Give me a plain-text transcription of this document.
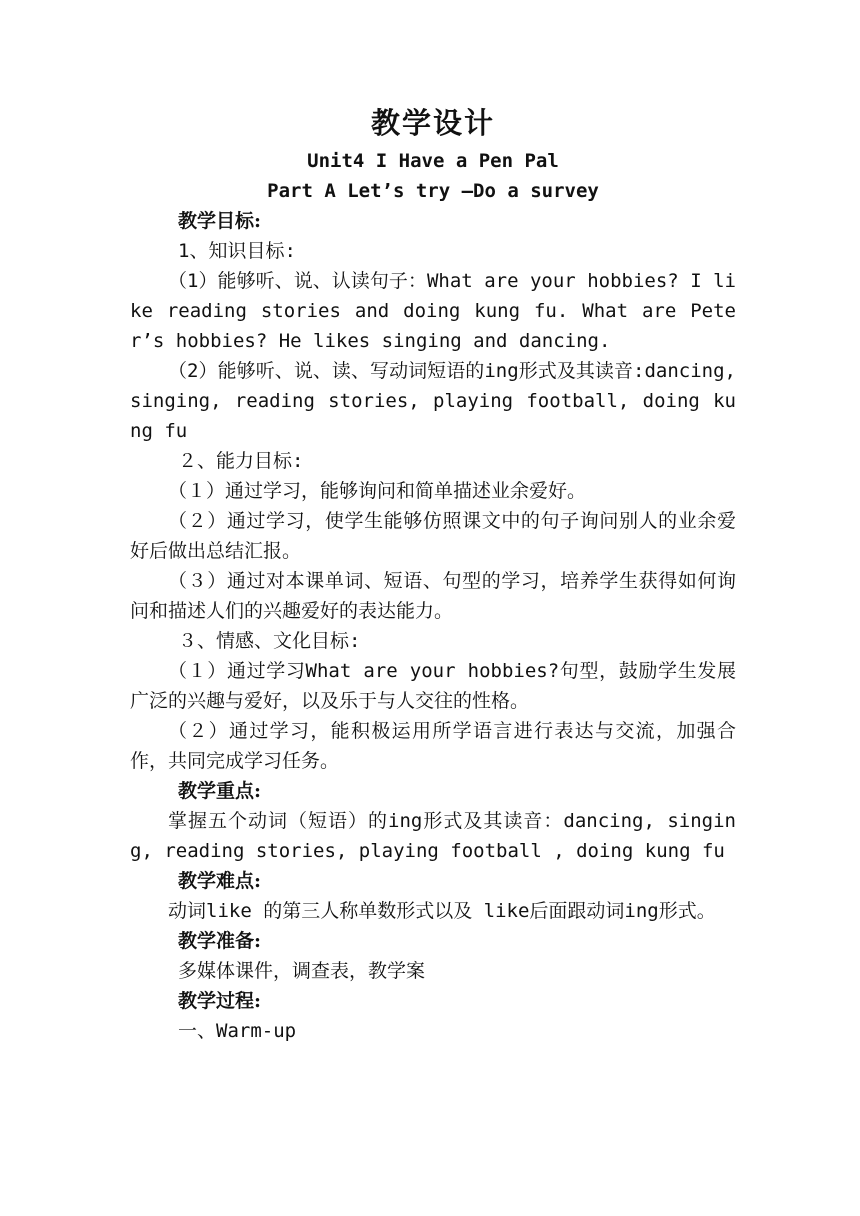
教学设计
Unit4 I Have a Pen Pal
Part A Let’s try –Do a survey
教学目标:
1、知识目标:

（1）能够听、说、认读句子：What are your hobbies? I like reading stories and doing kung fu. What are Peter’s hobbies? He likes singing and dancing.

（2）能够听、说、读、写动词短语的ing形式及其读音:dancing, singing, reading stories, playing football, doing kung fu

２、能力目标:

（１）通过学习，能够询问和简单描述业余爱好。

（２）通过学习，使学生能够仿照课文中的句子询问别人的业余爱好后做出总结汇报。

（３）通过对本课单词、短语、句型的学习，培养学生获得如何询问和描述人们的兴趣爱好的表达能力。

３、情感、文化目标:

（１）通过学习What are your hobbies?句型，鼓励学生发展广泛的兴趣与爱好，以及乐于与人交往的性格。

（２）通过学习，能积极运用所学语言进行表达与交流，加强合作，共同完成学习任务。

教学重点:

掌握五个动词（短语）的ing形式及其读音：dancing, singing, reading stories, playing football , doing kung fu

教学难点:

动词like 的第三人称单数形式以及 like后面跟动词ing形式。

教学准备:
多媒体课件，调查表，教学案
教学过程:
一、Warm-up
